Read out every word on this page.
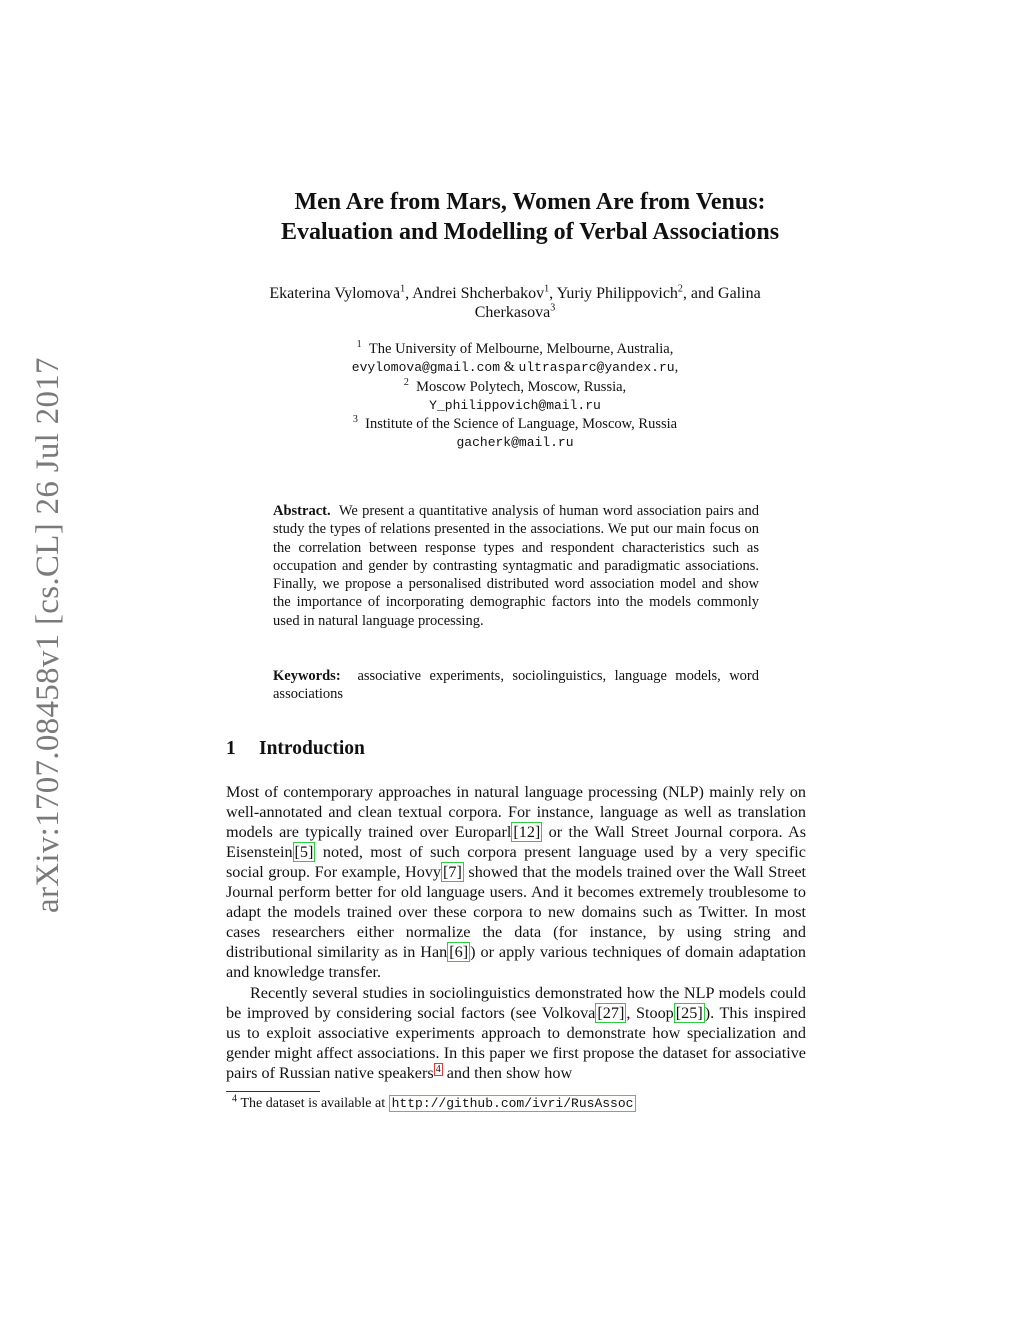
arXiv:1707.08458v1 [cs.CL] 26 Jul 2017
Men Are from Mars, Women Are from Venus:
Evaluation and Modelling of Verbal Associations
Ekaterina Vylomova$^1$, Andrei Shcherbakov$^1$, Yuriy Philippovich$^2$, and Galina
Cherkasova$^3$
$^1$ The University of Melbourne, Melbourne, Australia,
evylomova@gmail.com & ultrasparc@yandex.ru,
$^2$ Moscow Polytech, Moscow, Russia,
Y_philippovich@mail.ru
$^3$ Institute of the Science of Language, Moscow, Russia
gacherk@mail.ru
Abstract. We present a quantitative analysis of human word association pairs and study the types of relations presented in the associations. We put our main focus on the correlation between response types and respondent characteristics such as occupation and gender by contrasting syntagmatic and paradigmatic associations. Finally, we propose a personalised distributed word association model and show the importance of incorporating demographic factors into the models commonly used in natural language processing.
Keywords: associative experiments, sociolinguistics, language models, word associations
1 Introduction
Most of contemporary approaches in natural language processing (NLP) mainly rely on well-annotated and clean textual corpora. For instance, language as well as translation models are typically trained over Europarl [12] or the Wall Street Journal corpora. As Eisenstein [5] noted, most of such corpora present language used by a very specific social group. For example, Hovy [7] showed that the models trained over the Wall Street Journal perform better for old language users. And it becomes extremely troublesome to adapt the models trained over these corpora to new domains such as Twitter. In most cases researchers either normalize the data (for instance, by using string and distributional similarity as in Han [6] ) or apply various techniques of domain adaptation and knowledge transfer.
Recently several studies in sociolinguistics demonstrated how the NLP models could be improved by considering social factors (see Volkova [27] , Stoop [25] ). This inspired us to exploit associative experiments approach to demonstrate how specialization and gender might affect associations. In this paper we first propose the dataset for associative pairs of Russian native speakers $^4$ and then show how
$^4$ The dataset is available at http://github.com/ivri/RusAssoc
